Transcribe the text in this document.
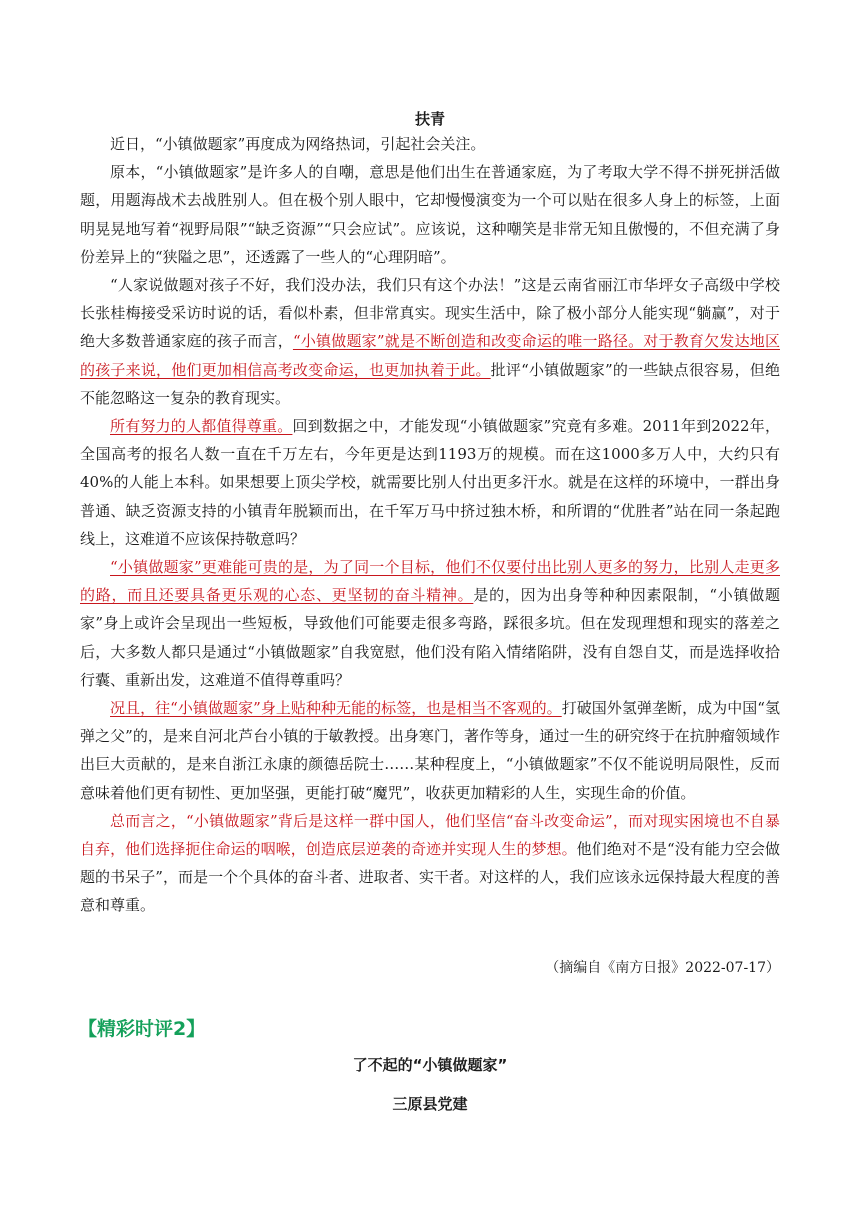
扶青

近日，“小镇做题家”再度成为网络热词，引起社会关注。

原本，“小镇做题家”是许多人的自嘲，意思是他们出生在普通家庭，为了考取大学不得不拼死拼活做题，用题海战术去战胜别人。但在极个别人眼中，它却慢慢演变为一个可以贴在很多人身上的标签，上面明晃晃地写着“视野局限”“缺乏资源”“只会应试”。应该说，这种嘲笑是非常无知且傲慢的，不但充满了身份差异上的“狭隘之思”，还透露了一些人的“心理阴暗”。

“人家说做题对孩子不好，我们没办法，我们只有这个办法！”这是云南省丽江市华坪女子高级中学校长张桂梅接受采访时说的话，看似朴素，但非常真实。现实生活中，除了极小部分人能实现“躺赢”，对于绝大多数普通家庭的孩子而言，“小镇做题家”就是不断创造和改变命运的唯一路径。对于教育欠发达地区的孩子来说，他们更加相信高考改变命运，也更加执着于此。批评“小镇做题家”的一些缺点很容易，但绝不能忽略这一复杂的教育现实。

所有努力的人都值得尊重。回到数据之中，才能发现“小镇做题家”究竟有多难。2011年到2022年，全国高考的报名人数一直在千万左右，今年更是达到1193万的规模。而在这1000多万人中，大约只有40%的人能上本科。如果想要上顶尖学校，就需要比别人付出更多汗水。就是在这样的环境中，一群出身普通、缺乏资源支持的小镇青年脱颖而出，在千军万马中挤过独木桥，和所谓的“优胜者”站在同一条起跑线上，这难道不应该保持敬意吗？

“小镇做题家”更难能可贵的是，为了同一个目标，他们不仅要付出比别人更多的努力，比别人走更多的路，而且还要具备更乐观的心态、更坚韧的奋斗精神。是的，因为出身等种种因素限制，“小镇做题家”身上或许会呈现出一些短板，导致他们可能要走很多弯路，踩很多坑。但在发现理想和现实的落差之后，大多数人都只是通过“小镇做题家”自我宽慰，他们没有陷入情绪陷阱，没有自怨自艾，而是选择收拾行囊、重新出发，这难道不值得尊重吗？

况且，往“小镇做题家”身上贴种种无能的标签，也是相当不客观的。打破国外氢弹垄断，成为中国“氢弹之父”的，是来自河北芦台小镇的于敏教授。出身寒门，著作等身，通过一生的研究终于在抗肿瘤领域作出巨大贡献的，是来自浙江永康的颜德岳院士……某种程度上，“小镇做题家”不仅不能说明局限性，反而意味着他们更有韧性、更加坚强，更能打破“魔咒”，收获更加精彩的人生，实现生命的价值。

总而言之，“小镇做题家”背后是这样一群中国人，他们坚信“奋斗改变命运”，而对现实困境也不自暴自弃，他们选择扼住命运的咽喉，创造底层逆袭的奇迹并实现人生的梦想。他们绝对不是“没有能力空会做题的书呆子”，而是一个个具体的奋斗者、进取者、实干者。对这样的人，我们应该永远保持最大程度的善意和尊重。

（摘编自《南方日报》2022-07-17）
【精彩时评2】
了不起的“小镇做题家”
三原县党建
